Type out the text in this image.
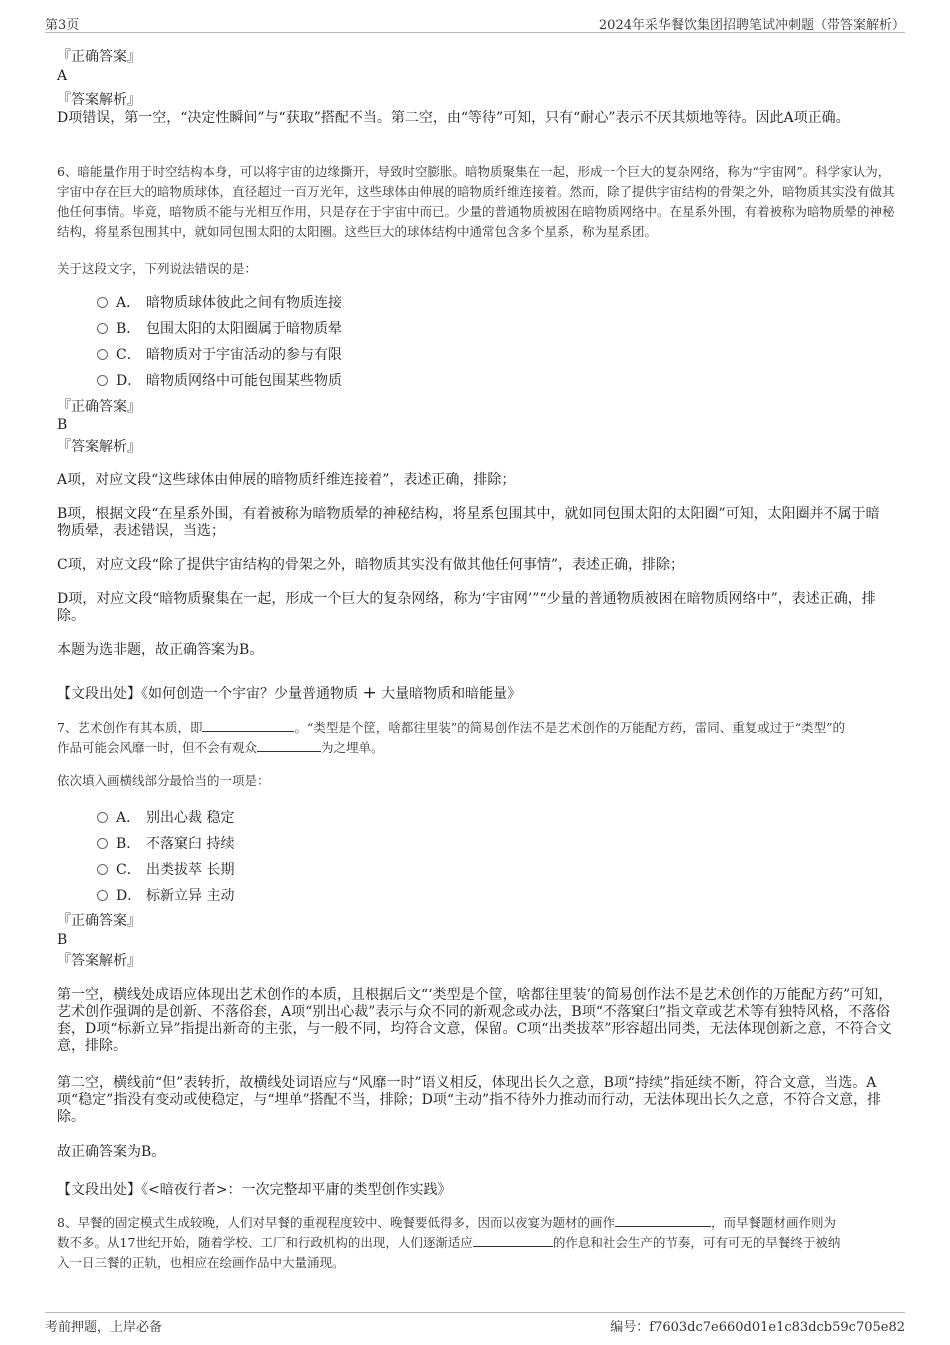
第3页	2024年采华餐饮集团招聘笔试冲刺题（带答案解析）
『正确答案』
A
『答案解析』
D项错误，第一空，“决定性瞬间”与“获取”搭配不当。第二空，由“等待”可知，只有“耐心”表示不厌其烦地等待。因此A项正确。
6、暗能量作用于时空结构本身，可以将宇宙的边缘撕开，导致时空膨胀。暗物质聚集在一起，形成一个巨大的复杂网络，称为“宇宙网”。科学家认为，宇宙中存在巨大的暗物质球体，直径超过一百万光年，这些球体由伸展的暗物质纤维连接着。然而，除了提供宇宙结构的骨架之外，暗物质其实没有做其他任何事情。毕竟，暗物质不能与光相互作用，只是存在于宇宙中而已。少量的普通物质被困在暗物质网络中。在星系外围，有着被称为暗物质晕的神秘结构，将星系包围其中，就如同包围太阳的太阳圈。这些巨大的球体结构中通常包含多个星系，称为星系团。
关于这段文字，下列说法错误的是：
A． 暗物质球体彼此之间有物质连接
B． 包围太阳的太阳圈属于暗物质晕
C． 暗物质对于宇宙活动的参与有限
D． 暗物质网络中可能包围某些物质
『正确答案』
B
『答案解析』
A项，对应文段“这些球体由伸展的暗物质纤维连接着”，表述正确，排除；
B项，根据文段“在星系外围，有着被称为暗物质晕的神秘结构，将星系包围其中，就如同包围太阳的太阳圈”可知，太阳圈并不属于暗物质晕，表述错误，当选；
C项，对应文段“除了提供宇宙结构的骨架之外，暗物质其实没有做其他任何事情”，表述正确，排除；
D项，对应文段“暗物质聚集在一起，形成一个巨大的复杂网络，称为‘宇宙网’”“少量的普通物质被困在暗物质网络中”，表述正确，排除。
本题为选非题，故正确答案为B。
【文段出处】《如何创造一个宇宙？少量普通物质 + 大量暗物质和暗能量》
7、艺术创作有其本质，即	。“类型是个筐，啥都往里装”的简易创作法不是艺术创作的万能配方药，雷同、重复或过于“类型”的
作品可能会风靡一时，但不会有观众	为之埋单。
依次填入画横线部分最恰当的一项是：
A． 别出心裁 稳定
B． 不落窠臼 持续
C． 出类拔萃 长期
D． 标新立异 主动
『正确答案』
B
『答案解析』
第一空，横线处成语应体现出艺术创作的本质，且根据后文“‘类型是个筐，啥都往里装’的简易创作法不是艺术创作的万能配方药”可知，艺术创作强调的是创新、不落俗套，A项“别出心裁”表示与众不同的新观念或办法，B项“不落窠臼”指文章或艺术等有独特风格，不落俗套，D项“标新立异”指提出新奇的主张，与一般不同，均符合文意，保留。C项“出类拔萃”形容超出同类，无法体现创新之意，不符合文意，排除。
第二空，横线前“但”表转折，故横线处词语应与“风靡一时”语义相反，体现出长久之意，B项“持续”指延续不断，符合文意，当选。A项“稳定”指没有变动或使稳定，与“埋单”搭配不当，排除；D项“主动”指不待外力推动而行动，无法体现出长久之意，不符合文意，排除。
故正确答案为B。
【文段出处】《<暗夜行者>：一次完整却平庸的类型创作实践》
8、早餐的固定模式生成较晚，人们对早餐的重视程度较中、晚餐要低得多，因而以夜宴为题材的画作	，而早餐题材画作则为
数不多。从17世纪开始，随着学校、工厂和行政机构的出现，人们逐渐适应	的作息和社会生产的节奏，可有可无的早餐终于被纳
入一日三餐的正轨，也相应在绘画作品中大量涌现。
考前押题，上岸必备	编号：f7603dc7e660d01e1c83dcb59c705e82
